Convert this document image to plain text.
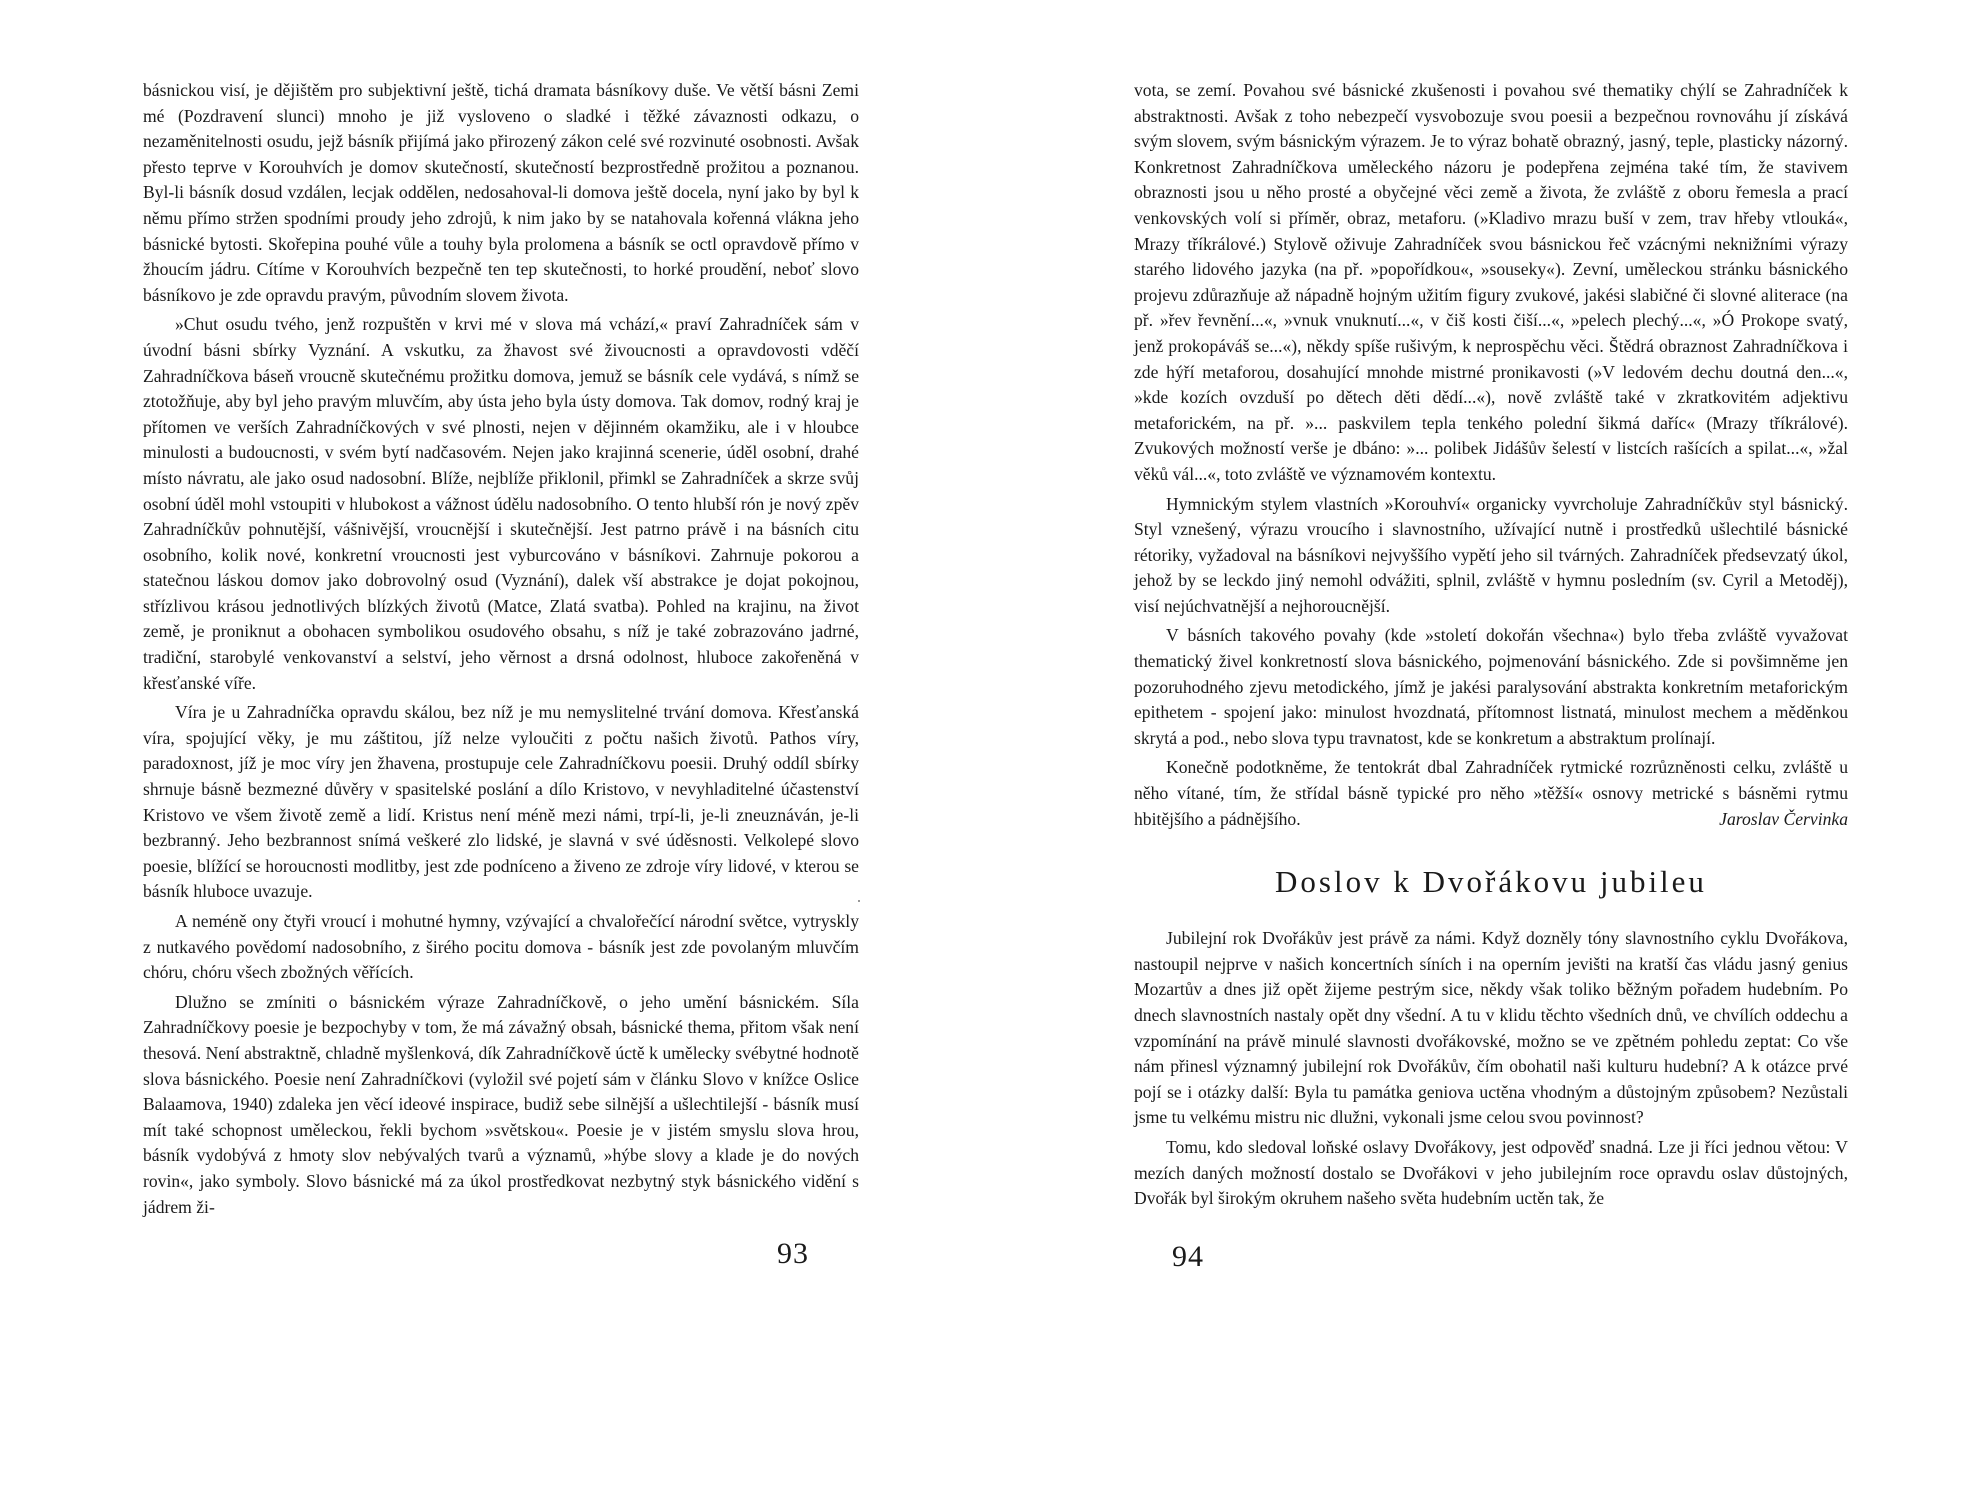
básnickou visí, je dějištěm pro subjektivní ještě, tichá dramata básníkovy duše. Ve větší básni Zemi mé (Pozdravení slunci) mnoho je již vysloveno o sladké i těžké závaznosti odkazu, o nezaměnitelnosti osudu, jejž básník přijímá jako přirozený zákon celé své rozvinuté osobnosti. Avšak přesto teprve v Korouhvích je domov skutečností, skutečností bezprostředně prožitou a poznanou. Byl-li básník dosud vzdálen, lecjak oddělen, nedosahoval-li domova ještě docela, nyní jako by byl k němu přímo stržen spodními proudy jeho zdrojů, k nim jako by se natahovala kořenná vlákna jeho básnické bytosti. Skořepina pouhé vůle a touhy byla prolomena a básník se octl opravdově přímo v žhoucím jádru. Cítíme v Korouhvích bezpečně ten tep skutečnosti, to horké proudění, neboť slovo básníkovo je zde opravdu pravým, původním slovem života.

»Chut osudu tvého, jenž rozpuštěn v krvi mé v slova má vchází,« praví Zahradníček sám v úvodní básni sbírky Vyznání. A vskutku, za žhavost své živoucnosti a opravdovosti vděčí Zahradníčkova báseň vroucně skutečnému prožitku domova, jemuž se básník cele vydává, s nímž se ztotožňuje, aby byl jeho pravým mluvčím, aby ústa jeho byla ústy domova. Tak domov, rodný kraj je přítomen ve verších Zahradníčkových v své plnosti, nejen v dějinném okamžiku, ale i v hloubce minulosti a budoucnosti, v svém bytí nadčasovém. Nejen jako krajinná scenerie, úděl osobní, drahé místo návratu, ale jako osud nadosobní. Blíže, nejblíže přiklonil, přimkl se Zahradníček a skrze svůj osobní úděl mohl vstoupiti v hlubokost a vážnost údělu nadosobního. O tento hlubší rón je nový zpěv Zahradníčkův pohnutější, vášnivější, vroucnější i skutečnější. Jest patrno právě i na básních citu osobního, kolik nové, konkretní vroucnosti jest vyburcováno v básníkovi. Zahrnuje pokorou a statečnou láskou domov jako dobrovolný osud (Vyznání), dalek vší abstrakce je dojat pokojnou, střízlivou krásou jednotlivých blízkých životů (Matce, Zlatá svatba). Pohled na krajinu, na život země, je proniknut a obohacen symbolikou osudového obsahu, s níž je také zobrazováno jadrné, tradiční, starobylé venkovanství a selství, jeho věrnost a drsná odolnost, hluboce zakořeněná v křesťanské víře.

Víra je u Zahradníčka opravdu skálou, bez níž je mu nemyslitelné trvání domova. Křesťanská víra, spojující věky, je mu záštitou, jíž nelze vyloučiti z počtu našich životů. Pathos víry, paradoxnost, jíž je moc víry jen žhavena, prostupuje cele Zahradníčkovu poesii. Druhý oddíl sbírky shrnuje básně bezmezné důvěry v spasitelské poslání a dílo Kristovo, v nevyhladitelné účastenství Kristovo ve všem životě země a lidí. Kristus není méně mezi námi, trpí-li, je-li zneuznáván, je-li bezbranný. Jeho bezbrannost snímá veškeré zlo lidské, je slavná v své úděsnosti. Velkolepé slovo poesie, blížící se horoucnosti modlitby, jest zde podníceno a živeno ze zdroje víry lidové, v kterou se básník hluboce uvazuje.

A neméně ony čtyři vroucí i mohutné hymny, vzývající a chvalořečící národní světce, vytryskly z nutkavého povědomí nadosobního, z širého pocitu domova - básník jest zde povolaným mluvčím chóru, chóru všech zbožných věřících.

Dlužno se zmíniti o básnickém výraze Zahradníčkově, o jeho umění básnickém. Síla Zahradníčkovy poesie je bezpochyby v tom, že má závažný obsah, básnické thema, přitom však není thesová. Není abstraktně, chladně myšlenková, dík Zahradníčkově úctě k umělecky svébytné hodnotě slova básnického. Poesie není Zahradníčkovi (vyložil své pojetí sám v článku Slovo v knížce Oslice Balaamova, 1940) zdaleka jen věcí ideové inspirace, budiž sebe silnější a ušlechtilejší - básník musí mít také schopnost uměleckou, řekli bychom »světskou«. Poesie je v jistém smyslu slova hrou, básník vydobývá z hmoty slov nebývalých tvarů a významů, »hýbe slovy a klade je do nových rovin«, jako symboly. Slovo básnické má za úkol prostředkovat nezbytný styk básnického vidění s jádrem ži-

93

vota, se zemí. Povahou své básnické zkušenosti i povahou své thematiky chýlí se Zahradníček k abstraktnosti. Avšak z toho nebezpečí vysvobozuje svou poesii a bezpečnou rovnováhu jí získává svým slovem, svým básnickým výrazem. Je to výraz bohatě obrazný, jasný, teple, plasticky názorný. Konkretnost Zahradníčkova uměleckého názoru je podepřena zejména také tím, že stavivem obraznosti jsou u něho prosté a obyčejné věci země a života, že zvláště z oboru řemesla a prací venkovských volí si příměr, obraz, metaforu. (»Kladivo mrazu buší v zem, trav hřeby vtlouká«, Mrazy tříkrálové.) Stylově oživuje Zahradníček svou básnickou řeč vzácnými neknižními výrazy starého lidového jazyka (na př. »popořídkou«, »souseky«). Zevní, uměleckou stránku básnického projevu zdůrazňuje až nápadně hojným užitím figury zvukové, jakési slabičné či slovné aliterace (na př. »řev řevnění...«, »vnuk vnuknutí...«, v čiš kosti čiší...«, »pelech plechý...«, »Ó Prokope svatý, jenž prokopáváš se...«), někdy spíše rušivým, k neprospěchu věci. Štědrá obraznost Zahradníčkova i zde hýří metaforou, dosahující mnohde mistrné pronikavosti (»V ledovém dechu doutná den...«, »kde kozích ovzduší po dětech děti dědí...«), nově zvláště také v zkratkovitém adjektivu metaforickém, na př. »... paskvilem tepla tenkého polední šikmá daříc« (Mrazy tříkrálové). Zvukových možností verše je dbáno: »... polibek Jidášův šelestí v listcích rašících a spilat...«, »žal věků vál...«, toto zvláště ve významovém kontextu.

Hymnickým stylem vlastních »Korouhví« organicky vyvrcholuje Zahradníčkův styl básnický. Styl vznešený, výrazu vroucího i slavnostního, užívající nutně i prostředků ušlechtilé básnické rétoriky, vyžadoval na básníkovi nejvyššího vypětí jeho sil tvárných. Zahradníček předsevzatý úkol, jehož by se leckdo jiný nemohl odvážiti, splnil, zvláště v hymnu posledním (sv. Cyril a Metoděj), visí nejúchvatnější a nejhoroucnější.

V básních takového povahy (kde »století dokořán všechna«) bylo třeba zvláště vyvažovat thematický živel konkretností slova básnického, pojmenování básnického. Zde si povšimněme jen pozoruhodného zjevu metodického, jímž je jakési paralysování abstrakta konkretním metaforickým epithetem - spojení jako: minulost hvozdnatá, přítomnost listnatá, minulost mechem a měděnkou skrytá a pod., nebo slova typu travnatost, kde se konkretum a abstraktum prolínají.

Konečně podotkněme, že tentokrát dbal Zahradníček rytmické rozrůzněnosti celku, zvláště u něho vítané, tím, že střídal básně typické pro něho »těžší« osnovy metrické s básněmi rytmu hbitějšího a pádnějšího.	Jaroslav Červinka

Doslov k Dvořákovu jubileu

Jubilejní rok Dvořákův jest právě za námi. Když dozněly tóny slavnostního cyklu Dvořákova, nastoupil nejprve v našich koncertních síních i na operním jevišti na kratší čas vládu jasný genius Mozartův a dnes již opět žijeme pestrým sice, někdy však toliko běžným pořadem hudebním. Po dnech slavnostních nastaly opět dny všední. A tu v klidu těchto všedních dnů, ve chvílích oddechu a vzpomínání na právě minulé slavnosti dvořákovské, možno se ve zpětném pohledu zeptat: Co vše nám přinesl významný jubilejní rok Dvořákův, čím obohatil naši kulturu hudební? A k otázce prvé pojí se i otázky další: Byla tu památka geniova uctěna vhodným a důstojným způsobem? Nezůstali jsme tu velkému mistru nic dlužni, vykonali jsme celou svou povinnost?

Tomu, kdo sledoval loňské oslavy Dvořákovy, jest odpověď snadná. Lze ji říci jednou větou: V mezích daných možností dostalo se Dvořákovi v jeho jubilejním roce opravdu oslav důstojných, Dvořák byl širokým okruhem našeho světa hudebním uctěn tak, že

94
